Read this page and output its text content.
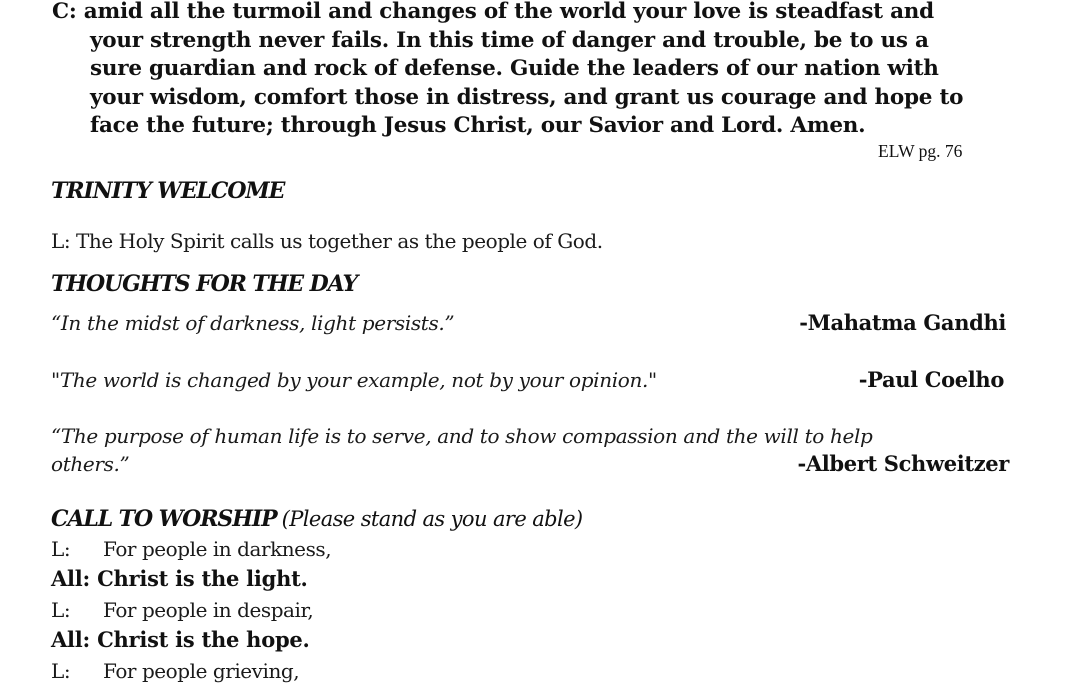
C: amid all the turmoil and changes of the world your love is steadfast and
your strength never fails. In this time of danger and trouble, be to us a
sure guardian and rock of defense. Guide the leaders of our nation with
your wisdom, comfort those in distress, and grant us courage and hope to
face the future; through Jesus Christ, our Savior and Lord. Amen.
ELW pg. 76
TRINITY WELCOME
L: The Holy Spirit calls us together as the people of God.
THOUGHTS FOR THE DAY
“In the midst of darkness, light persists.”	-Mahatma Gandhi
"The world is changed by your example, not by your opinion."	-Paul Coelho
“The purpose of human life is to serve, and to show compassion and the will to help
others.”	-Albert Schweitzer
CALL TO WORSHIP (Please stand as you are able)
L: For people in darkness,
All: Christ is the light.
L: For people in despair,
All: Christ is the hope.
L: For people grieving,
